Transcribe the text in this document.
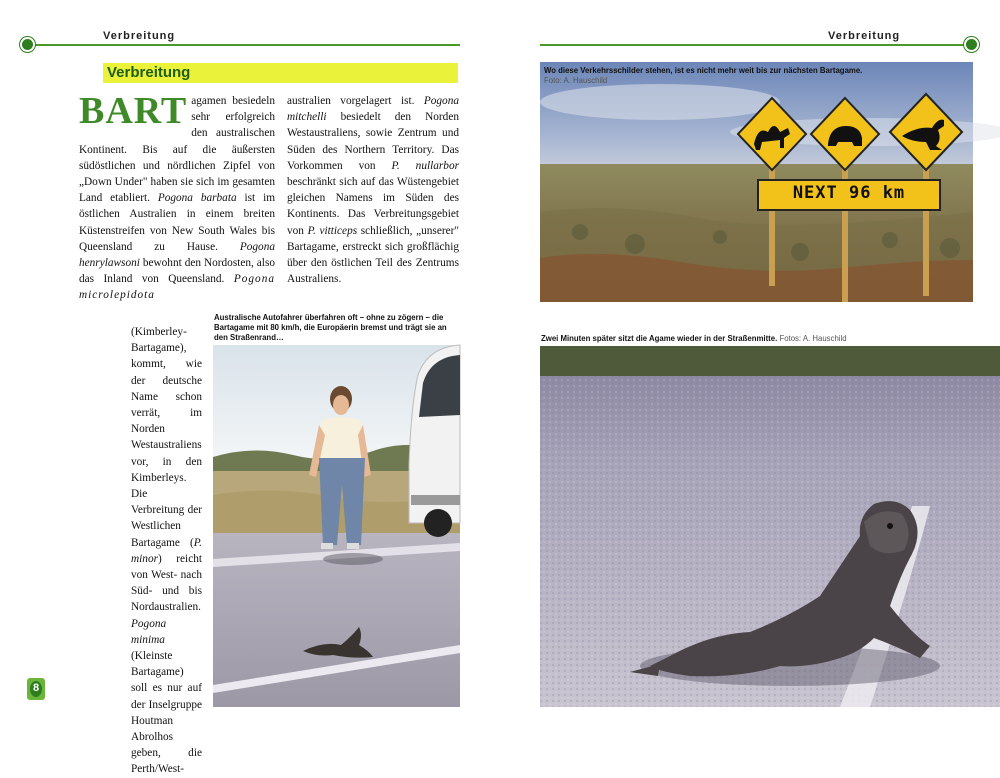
Verbreitung	Verbreitung
Verbreitung
BART agamen besiedeln sehr erfolgreich den australischen Kontinent. Bis auf die äußersten südöstlichen und nördlichen Zipfel von „Down Under" haben sie sich im gesamten Land etabliert. Pogona barbata ist im östlichen Australien in einem breiten Küstenstreifen von New South Wales bis Queensland zu Hause. Pogona henrylawsoni bewohnt den Nordosten, also das Inland von Queensland. Pogona microlepidota
(Kimberley-Bartagame), kommt, wie der deutsche Name schon verrät, im Norden Westaustraliens vor, in den Kimberleys. Die Verbreitung der Westlichen Bartagame (P. minor) reicht von West- nach Süd- und bis Nordaustralien. Pogona minima (Kleinste Bartagame) soll es nur auf der Inselgruppe Houtman Abrolhos geben, die Perth/West-
australien vorgelagert ist. Pogona mitchelli besiedelt den Norden Westaustraliens, sowie Zentrum und Süden des Northern Territory. Das Vorkommen von P. nullarbor beschränkt sich auf das Wüstengebiet gleichen Namens im Süden des Kontinents. Das Verbreitungsgebiet von P. vitticeps schließlich, „unserer" Bartagame, erstreckt sich großflächig über den östlichen Teil des Zentrums Australiens.
Australische Autofahrer überfahren oft – ohne zu zögern – die Bartagame mit 80 km/h, die Europäerin bremst und trägt sie an den Straßenrand…
8
NEXT 96 km
Wo diese Verkehrsschilder stehen, ist es nicht mehr weit bis zur nächsten Bartagame.
Foto: A. Hauschild
Zwei Minuten später sitzt die Agame wieder in der Straßenmitte. Fotos: A. Hauschild
